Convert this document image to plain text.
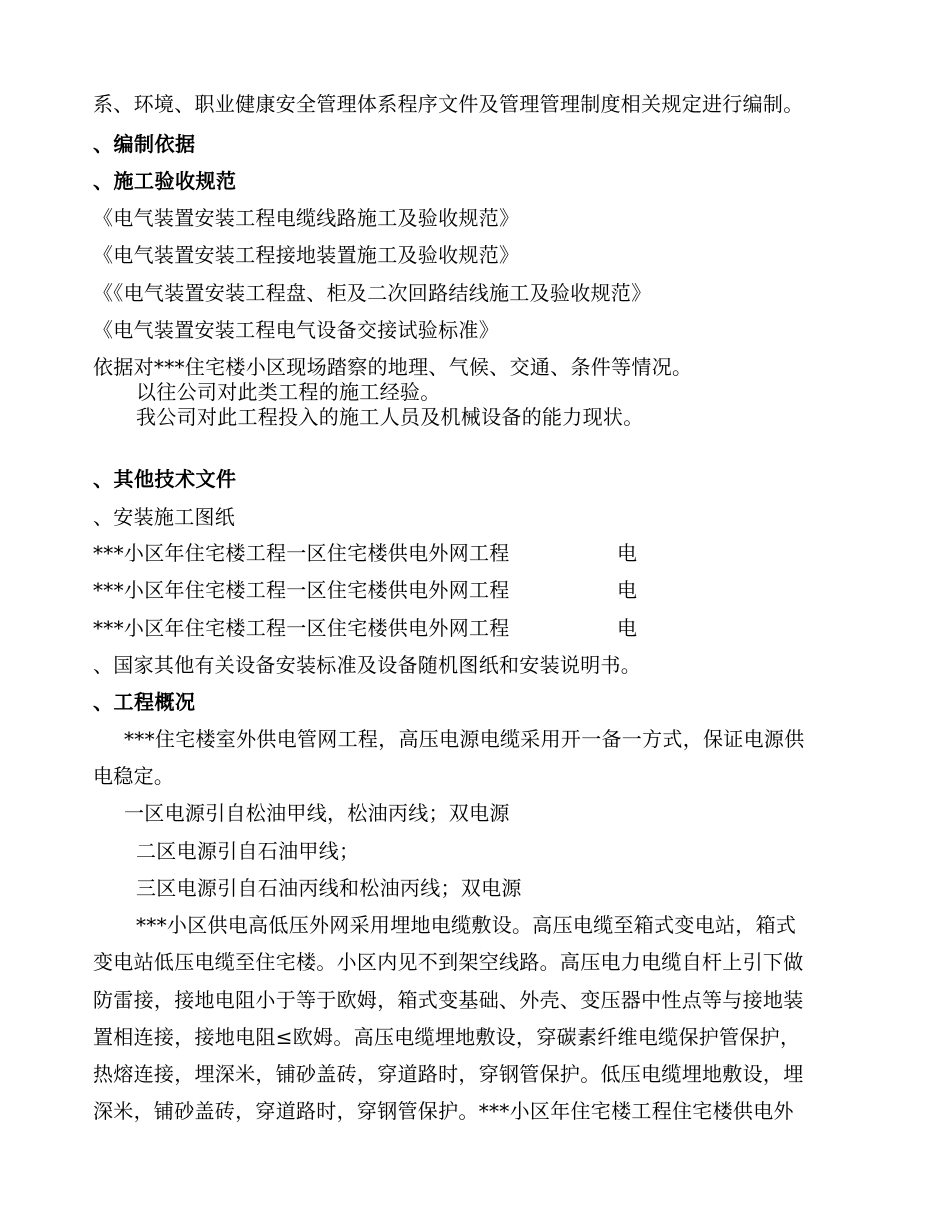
系、环境、职业健康安全管理体系程序文件及管理管理制度相关规定进行编制。

、编制依据

、施工验收规范

《电气装置安装工程电缆线路施工及验收规范》

《电气装置安装工程接地装置施工及验收规范》

《《电气装置安装工程盘、柜及二次回路结线施工及验收规范》

《电气装置安装工程电气设备交接试验标准》

依据对***住宅楼小区现场踏察的地理、气候、交通、条件等情况。

以往公司对此类工程的施工经验。

我公司对此工程投入的施工人员及机械设备的能力现状。

、其他技术文件

、安装施工图纸

***小区年住宅楼工程一区住宅楼供电外网工程	电

***小区年住宅楼工程一区住宅楼供电外网工程	电

***小区年住宅楼工程一区住宅楼供电外网工程	电

、国家其他有关设备安装标准及设备随机图纸和安装说明书。

、工程概况

***住宅楼室外供电管网工程，高压电源电缆采用开一备一方式，保证电源供

电稳定。

一区电源引自松油甲线，松油丙线；双电源

二区电源引自石油甲线；

三区电源引自石油丙线和松油丙线；双电源

***小区供电高低压外网采用埋地电缆敷设。高压电缆至箱式变电站，箱式

变电站低压电缆至住宅楼。小区内见不到架空线路。高压电力电缆自杆上引下做

防雷接，接地电阻小于等于欧姆，箱式变基础、外壳、变压器中性点等与接地装

置相连接，接地电阻≤欧姆。高压电缆埋地敷设，穿碳素纤维电缆保护管保护，

热熔连接，埋深米，铺砂盖砖，穿道路时，穿钢管保护。低压电缆埋地敷设，埋

深米，铺砂盖砖，穿道路时，穿钢管保护。***小区年住宅楼工程住宅楼供电外
